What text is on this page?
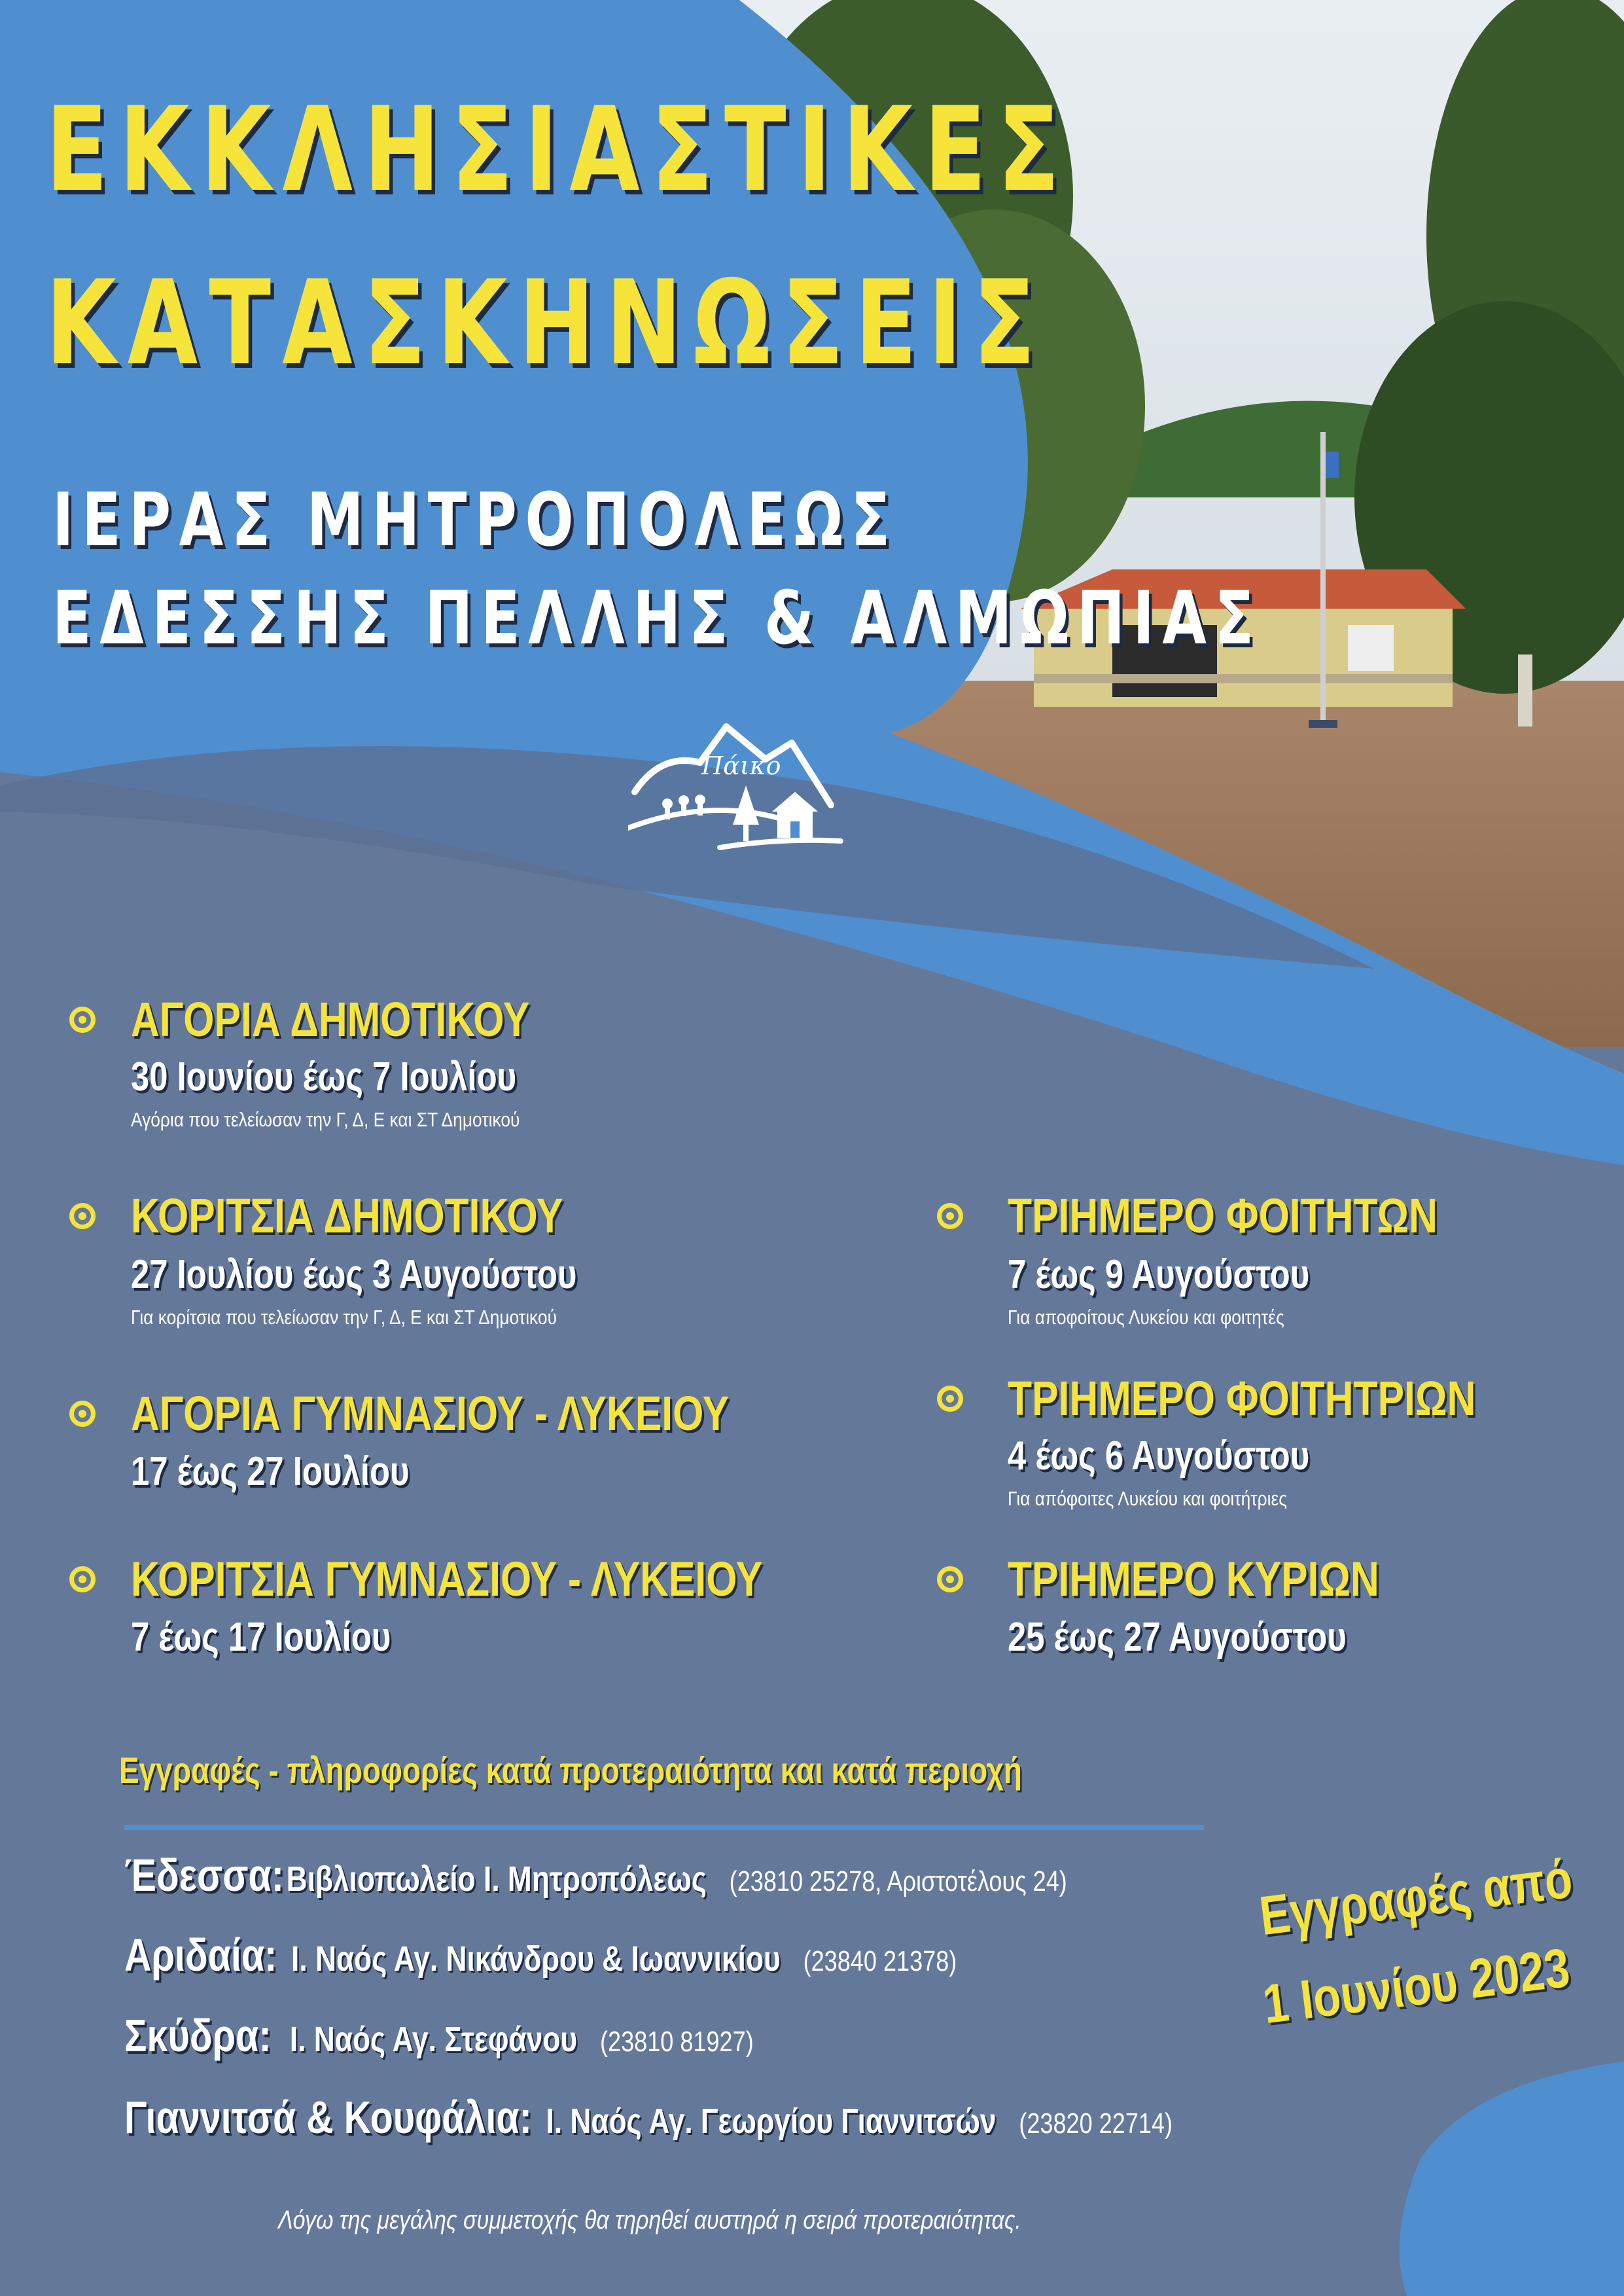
ΕΚΚΛΗΣΙΑΣΤΙΚΕΣ
ΚΑΤΑΣΚΗΝΩΣΕΙΣ
ΙΕΡΑΣ ΜΗΤΡΟΠΟΛΕΩΣ
ΕΔΕΣΣΗΣ ΠΕΛΛΗΣ & ΑΛΜΩΠΙΑΣ
Πάικο
ΑΓΟΡΙΑ ΔΗΜΟΤΙΚΟΥ
30 Ιουνίου έως 7 Ιουλίου
Αγόρια που τελείωσαν την Γ, Δ, Ε και ΣΤ Δημοτικού
ΚΟΡΙΤΣΙΑ ΔΗΜΟΤΙΚΟΥ
27 Ιουλίου έως 3 Αυγούστου
Για κορίτσια που τελείωσαν την Γ, Δ, Ε και ΣΤ Δημοτικού
ΑΓΟΡΙΑ ΓΥΜΝΑΣΙΟΥ - ΛΥΚΕΙΟΥ
17 έως 27 Ιουλίου
ΚΟΡΙΤΣΙΑ ΓΥΜΝΑΣΙΟΥ - ΛΥΚΕΙΟΥ
7 έως 17 Ιουλίου
ΤΡΙΗΜΕΡΟ ΦΟΙΤΗΤΩΝ
7 έως 9 Αυγούστου
Για αποφοίτους Λυκείου και φοιτητές
ΤΡΙΗΜΕΡΟ ΦΟΙΤΗΤΡΙΩΝ
4 έως 6 Αυγούστου
Για απόφοιτες Λυκείου και φοιτήτριες
ΤΡΙΗΜΕΡΟ ΚΥΡΙΩΝ
25 έως 27 Αυγούστου
Εγγραφές - πληροφορίες κατά προτεραιότητα και κατά περιοχή
Έδεσσα: Βιβλιοπωλείο Ι. Μητροπόλεως (23810 25278, Αριστοτέλους 24)
Αριδαία: Ι. Ναός Αγ. Νικάνδρου & Ιωαννικίου (23840 21378)
Σκύδρα: Ι. Ναός Αγ. Στεφάνου (23810 81927)
Γιαννιτσά & Κουφάλια: Ι. Ναός Αγ. Γεωργίου Γιαννιτσών (23820 22714)
Εγγραφές από
1 Ιουνίου 2023
Λόγω της μεγάλης συμμετοχής θα τηρηθεί αυστηρά η σειρά προτεραιότητας.
